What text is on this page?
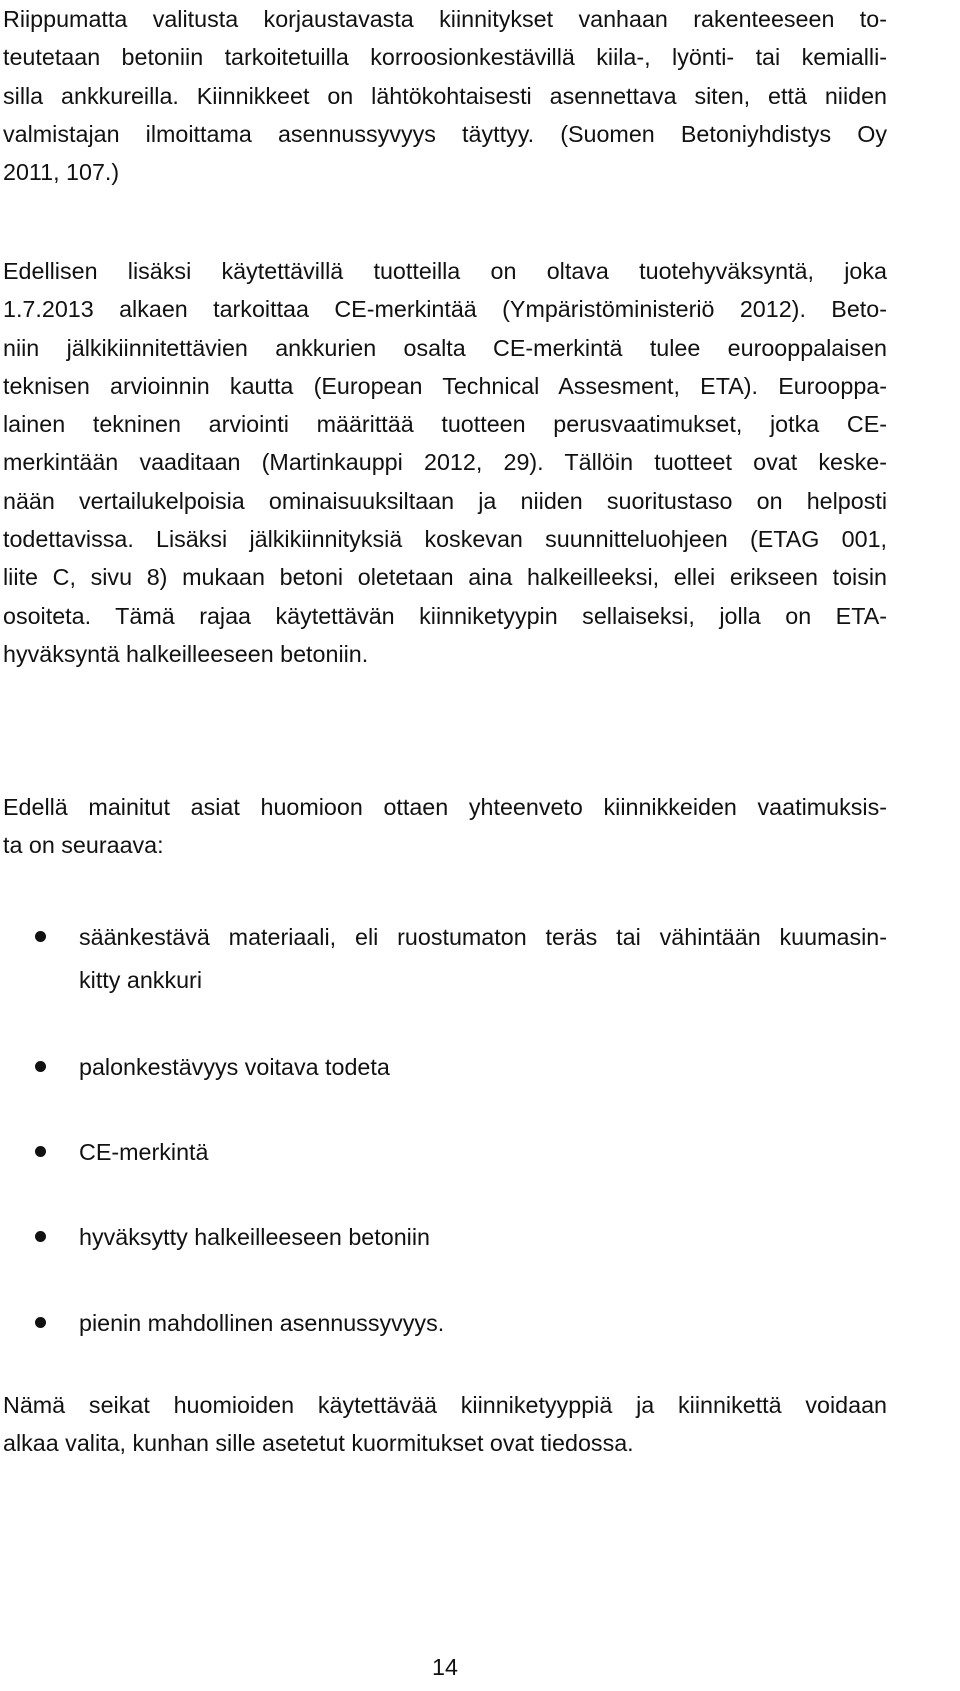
Riippumatta valitusta korjaustavasta kiinnitykset vanhaan rakenteeseen to-
teutetaan betoniin tarkoitetuilla korroosionkestävillä kiila-, lyönti- tai kemialli-
silla ankkureilla. Kiinnikkeet on lähtökohtaisesti asennettava siten, että niiden
valmistajan ilmoittama asennussyvyys täyttyy. (Suomen Betoniyhdistys Oy
2011, 107.)

Edellisen lisäksi käytettävillä tuotteilla on oltava tuotehyväksyntä, joka
1.7.2013 alkaen tarkoittaa CE-merkintää (Ympäristöministeriö 2012). Beto-
niin jälkikiinnitettävien ankkurien osalta CE-merkintä tulee eurooppalaisen
teknisen arvioinnin kautta (European Technical Assesment, ETA). Eurooppa-
lainen tekninen arviointi määrittää tuotteen perusvaatimukset, jotka CE-
merkintään vaaditaan (Martinkauppi 2012, 29). Tällöin tuotteet ovat keske-
nään vertailukelpoisia ominaisuuksiltaan ja niiden suoritustaso on helposti
todettavissa. Lisäksi jälkikiinnityksiä koskevan suunnitteluohjeen (ETAG 001,
liite C, sivu 8) mukaan betoni oletetaan aina halkeilleeksi, ellei erikseen toisin
osoiteta. Tämä rajaa käytettävän kiinniketyypin sellaiseksi, jolla on ETA-
hyväksyntä halkeilleeseen betoniin.

Edellä mainitut asiat huomioon ottaen yhteenveto kiinnikkeiden vaatimuksis-
ta on seuraava:

säänkestävä materiaali, eli ruostumaton teräs tai vähintään kuumasin-
kitty ankkuri
palonkestävyys voitava todeta
CE-merkintä
hyväksytty halkeilleeseen betoniin
pienin mahdollinen asennussyvyys.

Nämä seikat huomioiden käytettävää kiinniketyyppiä ja kiinnikettä voidaan
alkaa valita, kunhan sille asetetut kuormitukset ovat tiedossa.

14
